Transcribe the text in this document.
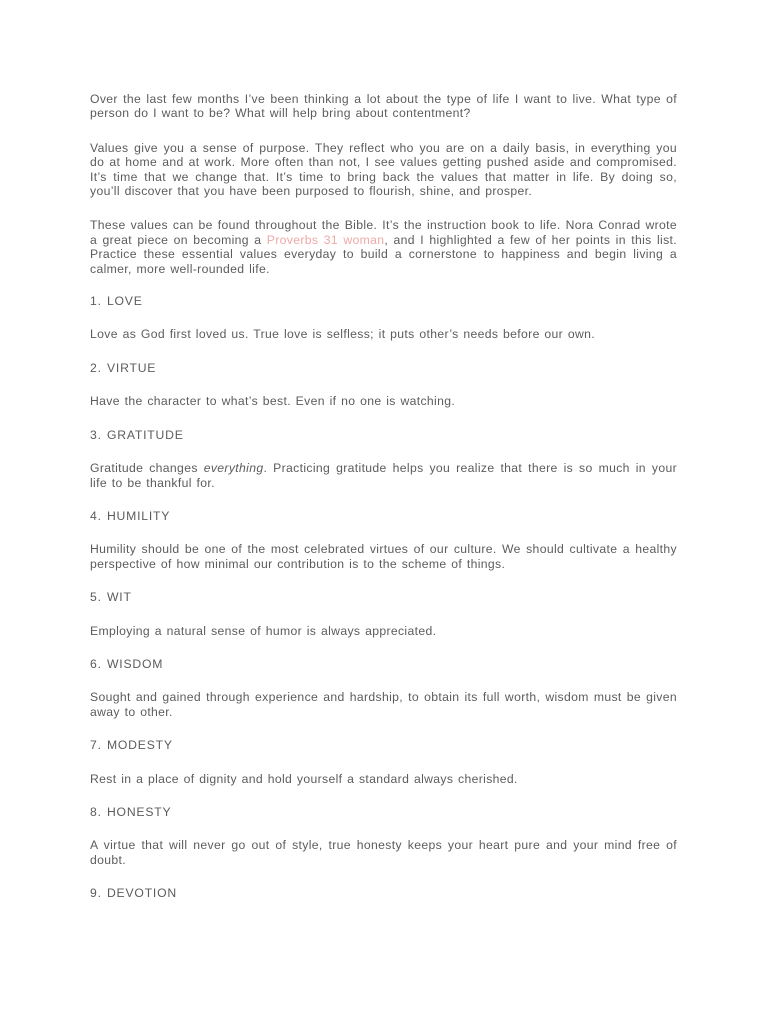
Over the last few months I’ve been thinking a lot about the type of life I want to live. What type of person do I want to be? What will help bring about contentment?

Values give you a sense of purpose. They reflect who you are on a daily basis, in everything you do at home and at work. More often than not, I see values getting pushed aside and compromised. It’s time that we change that. It’s time to bring back the values that matter in life. By doing so, you’ll discover that you have been purposed to flourish, shine, and prosper.

These values can be found throughout the Bible. It’s the instruction book to life. Nora Conrad wrote a great piece on becoming a Proverbs 31 woman, and I highlighted a few of her points in this list. Practice these essential values everyday to build a cornerstone to happiness and begin living a calmer, more well-rounded life.

1. LOVE

Love as God first loved us. True love is selfless; it puts other’s needs before our own.

2. VIRTUE

Have the character to what’s best. Even if no one is watching.

3. GRATITUDE

Gratitude changes everything. Practicing gratitude helps you realize that there is so much in your life to be thankful for.

4. HUMILITY

Humility should be one of the most celebrated virtues of our culture. We should cultivate a healthy perspective of how minimal our contribution is to the scheme of things.

5. WIT

Employing a natural sense of humor is always appreciated.

6. WISDOM

Sought and gained through experience and hardship, to obtain its full worth, wisdom must be given away to other.

7. MODESTY

Rest in a place of dignity and hold yourself a standard always cherished.

8. HONESTY

A virtue that will never go out of style, true honesty keeps your heart pure and your mind free of doubt.

9. DEVOTION
